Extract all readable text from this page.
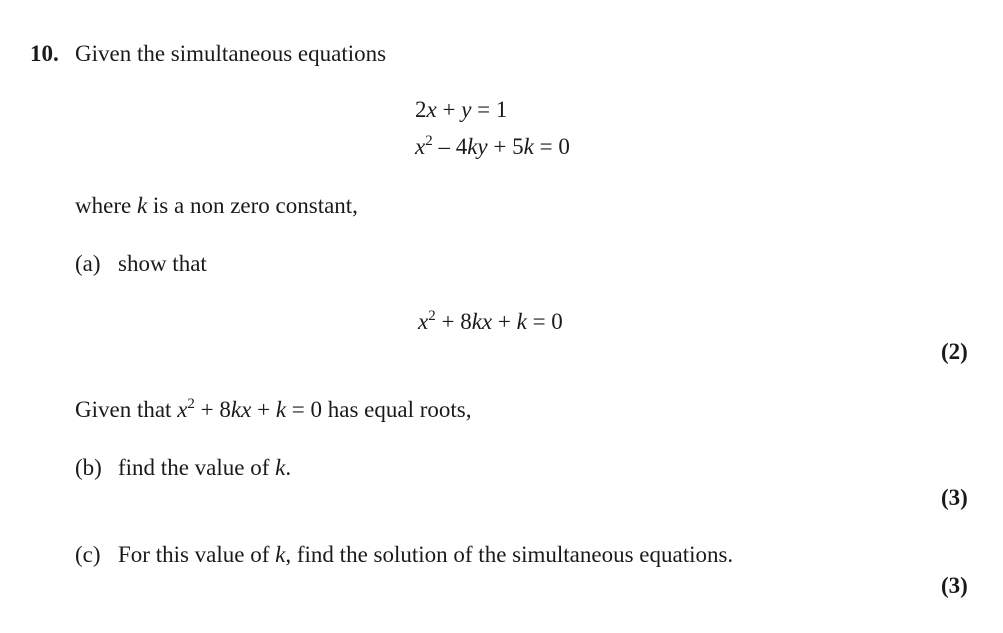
10. Given the simultaneous equations
2x + y = 1
$x^2 - 4ky + 5k = 0$
where k is a non zero constant,
(a) show that
$x^2 + 8kx + k = 0$
(2)
Given that $x^2 + 8kx + k = 0$ has equal roots,
(b) find the value of k.
(3)
(c) For this value of k, find the solution of the simultaneous equations.
(3)
